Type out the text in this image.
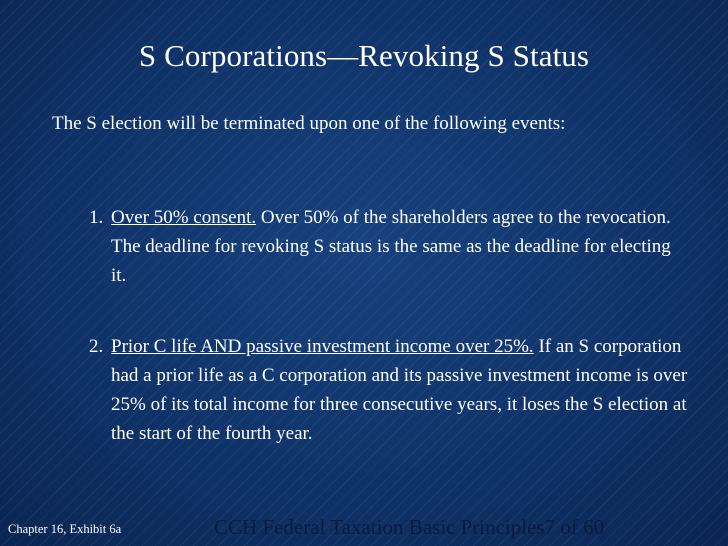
S Corporations—Revoking S Status
The S election will be terminated upon one of the following events:
1. Over 50% consent. Over 50% of the shareholders agree to the revocation. The deadline for revoking S status is the same as the deadline for electing it.
2. Prior C life AND passive investment income over 25%. If an S corporation had a prior life as a C corporation and its passive investment income is over 25% of its total income for three consecutive years, it loses the S election at the start of the fourth year.
Chapter 16, Exhibit 6a	CCH Federal Taxation Basic Principles7 of 60
